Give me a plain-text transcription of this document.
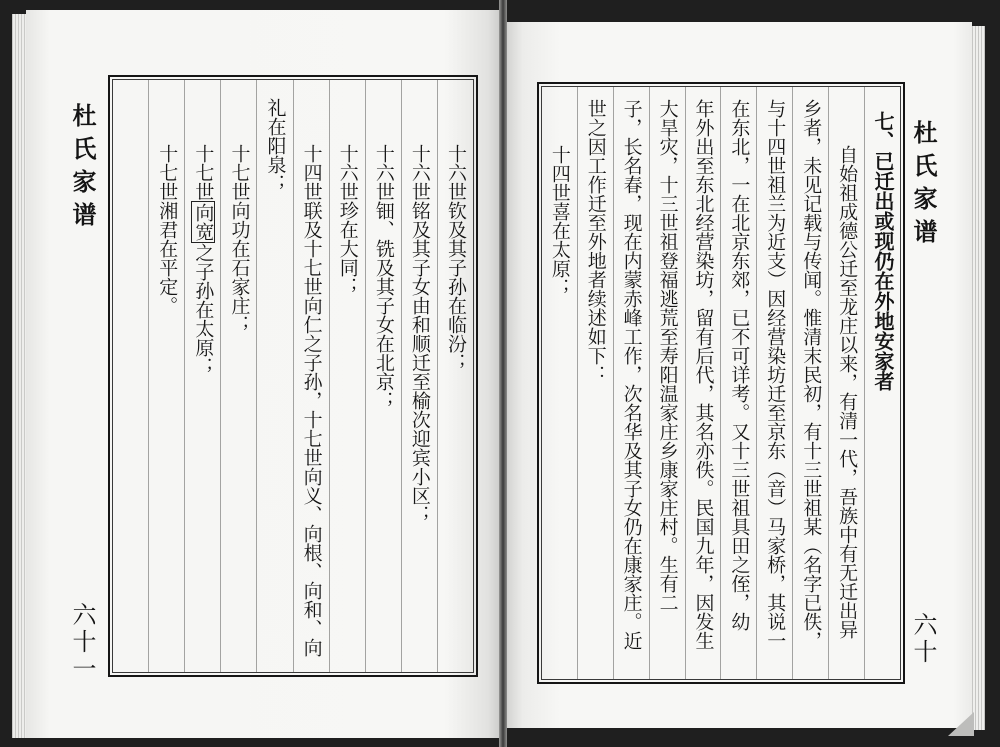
杜氏家谱
六十一
十六世钦及其子孙在临汾；
十六世铭及其子女由和顺迁至榆次迎宾小区；
十六世钿、铣及其子女在北京；
十六世珍在大同；
十四世联及十七世向仁之子孙，十七世向义、向根、向和、向
礼在阳泉；
十七世向功在石家庄；
十七世向宽之子孙在太原；
十七世湘君在平定。	杜氏家谱
六十
七、已迁出或现仍在外地安家者
自始祖成德公迁至龙庄以来，有清一代，吾族中有无迁出异
乡者，未见记载与传闻。惟清末民初，有十三世祖某（名字已佚，
与十四世祖兰为近支）因经营染坊迁至京东（音）马家桥，其说一
在东北，一在北京东郊，已不可详考。又十三世祖具田之侄，幼
年外出至东北经营染坊，留有后代，其名亦佚。民国九年，因发生
大旱灾，十三世祖登福逃荒至寿阳温家庄乡康家庄村。生有二
子，长名春，现在内蒙赤峰工作，次名华及其子女仍在康家庄。近
世之因工作迁至外地者续述如下：
十四世喜在太原；
